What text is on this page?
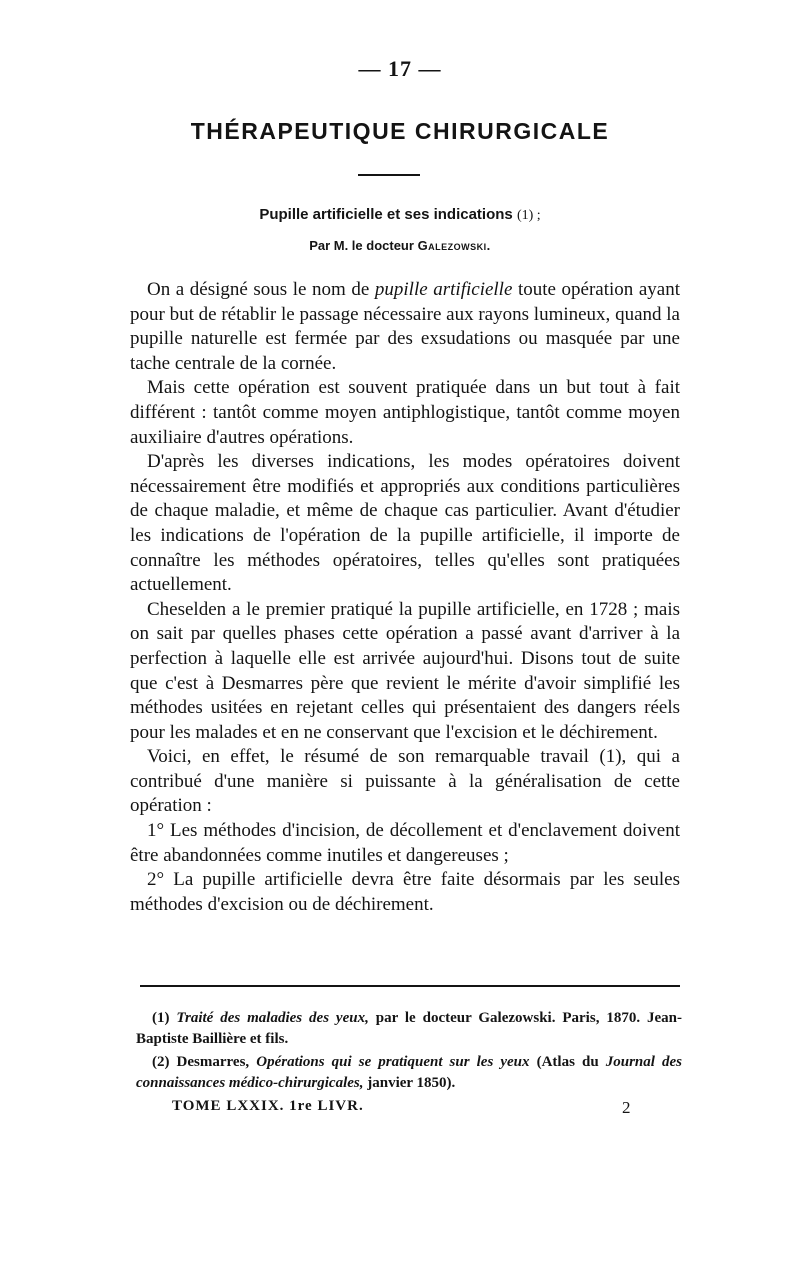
— 17 —
THÉRAPEUTIQUE CHIRURGICALE
Pupille artificielle et ses indications (1) ;
Par M. le docteur Galezowski.

On a désigné sous le nom de pupille artificielle toute opération ayant pour but de rétablir le passage nécessaire aux rayons lumineux, quand la pupille naturelle est fermée par des exsudations ou masquée par une tache centrale de la cornée.

Mais cette opération est souvent pratiquée dans un but tout à fait différent : tantôt comme moyen antiphlogistique, tantôt comme moyen auxiliaire d'autres opérations.

D'après les diverses indications, les modes opératoires doivent nécessairement être modifiés et appropriés aux conditions particulières de chaque maladie, et même de chaque cas particulier. Avant d'étudier les indications de l'opération de la pupille artificielle, il importe de connaître les méthodes opératoires, telles qu'elles sont pratiquées actuellement.

Cheselden a le premier pratiqué la pupille artificielle, en 1728 ; mais on sait par quelles phases cette opération a passé avant d'arriver à la perfection à laquelle elle est arrivée aujourd'hui. Disons tout de suite que c'est à Desmarres père que revient le mérite d'avoir simplifié les méthodes usitées en rejetant celles qui présentaient des dangers réels pour les malades et en ne conservant que l'excision et le déchirement.

Voici, en effet, le résumé de son remarquable travail (1), qui a contribué d'une manière si puissante à la généralisation de cette opération :

1° Les méthodes d'incision, de décollement et d'enclavement doivent être abandonnées comme inutiles et dangereuses ;

2° La pupille artificielle devra être faite désormais par les seules méthodes d'excision ou de déchirement.

(1) Traité des maladies des yeux, par le docteur Galezowski. Paris, 1870. Jean-Baptiste Baillière et fils.

(2) Desmarres, Opérations qui se pratiquent sur les yeux (Atlas du Journal des connaissances médico-chirurgicales, janvier 1850).

TOME LXXIX. 1re LIVR.	2
